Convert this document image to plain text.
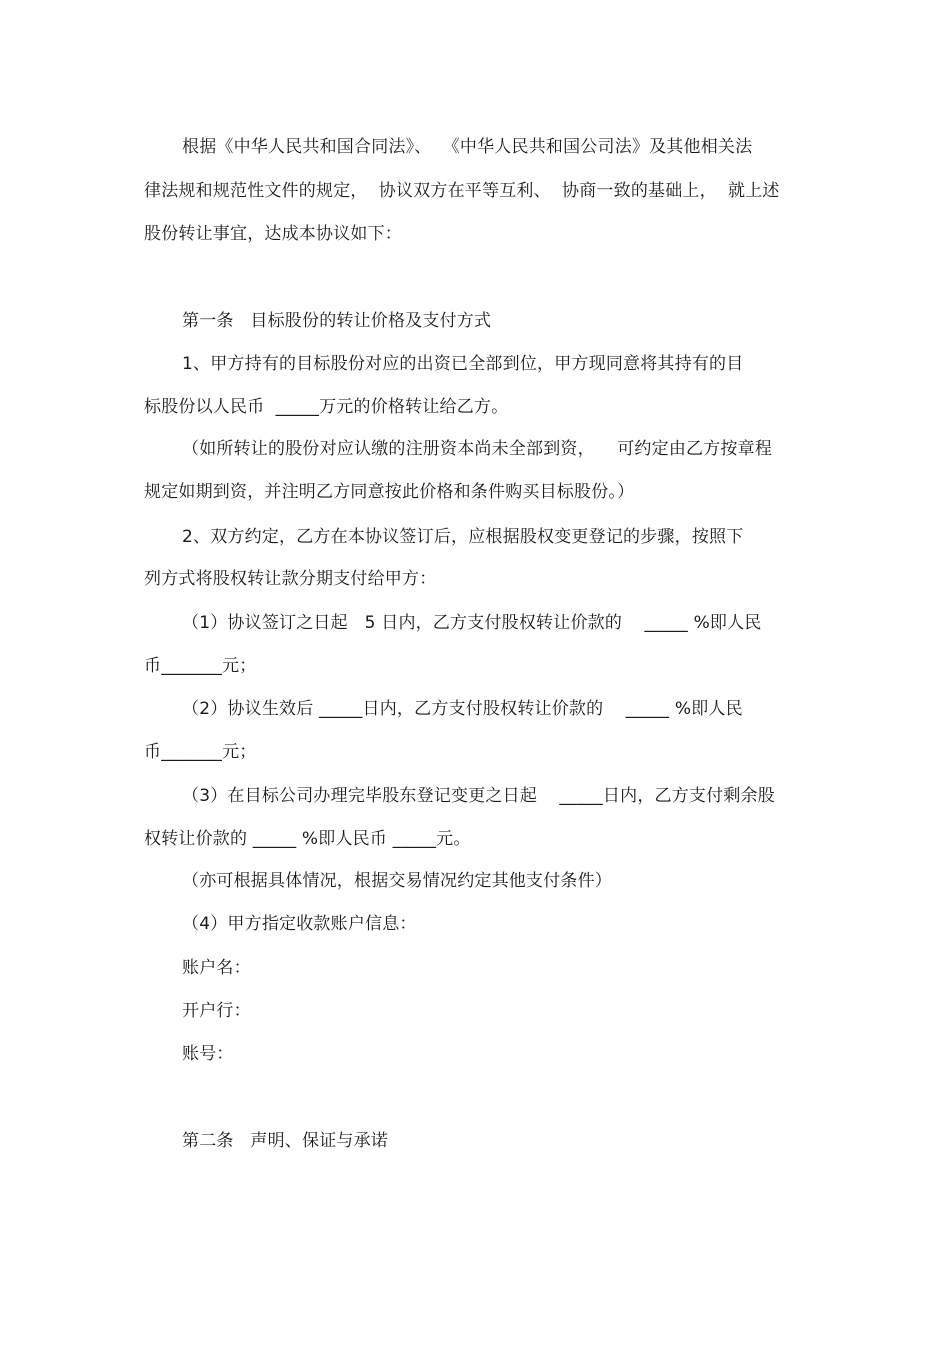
根据《中华人民共和国合同法》、  《中华人民共和国公司法》及其他相关法

律法规和规范性文件的规定，  协议双方在平等互利、  协商一致的基础上，  就上述

股份转让事宜，达成本协议如下：

第一条   目标股份的转让价格及支付方式

1、甲方持有的目标股份对应的出资已全部到位，甲方现同意将其持有的目

标股份以人民币  _____万元的价格转让给乙方。

（如所转让的股份对应认缴的注册资本尚未全部到资，    可约定由乙方按章程

规定如期到资，并注明乙方同意按此价格和条件购买目标股份。）

2、双方约定，乙方在本协议签订后，应根据股权变更登记的步骤，按照下

列方式将股权转让款分期支付给甲方：

（1）协议签订之日起   5 日内，乙方支付股权转让价款的    _____ %即人民

币_______元；

（2）协议生效后 _____日内，乙方支付股权转让价款的    _____ %即人民

币_______元；

（3）在目标公司办理完毕股东登记变更之日起    _____日内，乙方支付剩余股

权转让价款的 _____ %即人民币 _____元。

（亦可根据具体情况，根据交易情况约定其他支付条件）

（4）甲方指定收款账户信息：

账户名：

开户行：

账号：

第二条   声明、保证与承诺
